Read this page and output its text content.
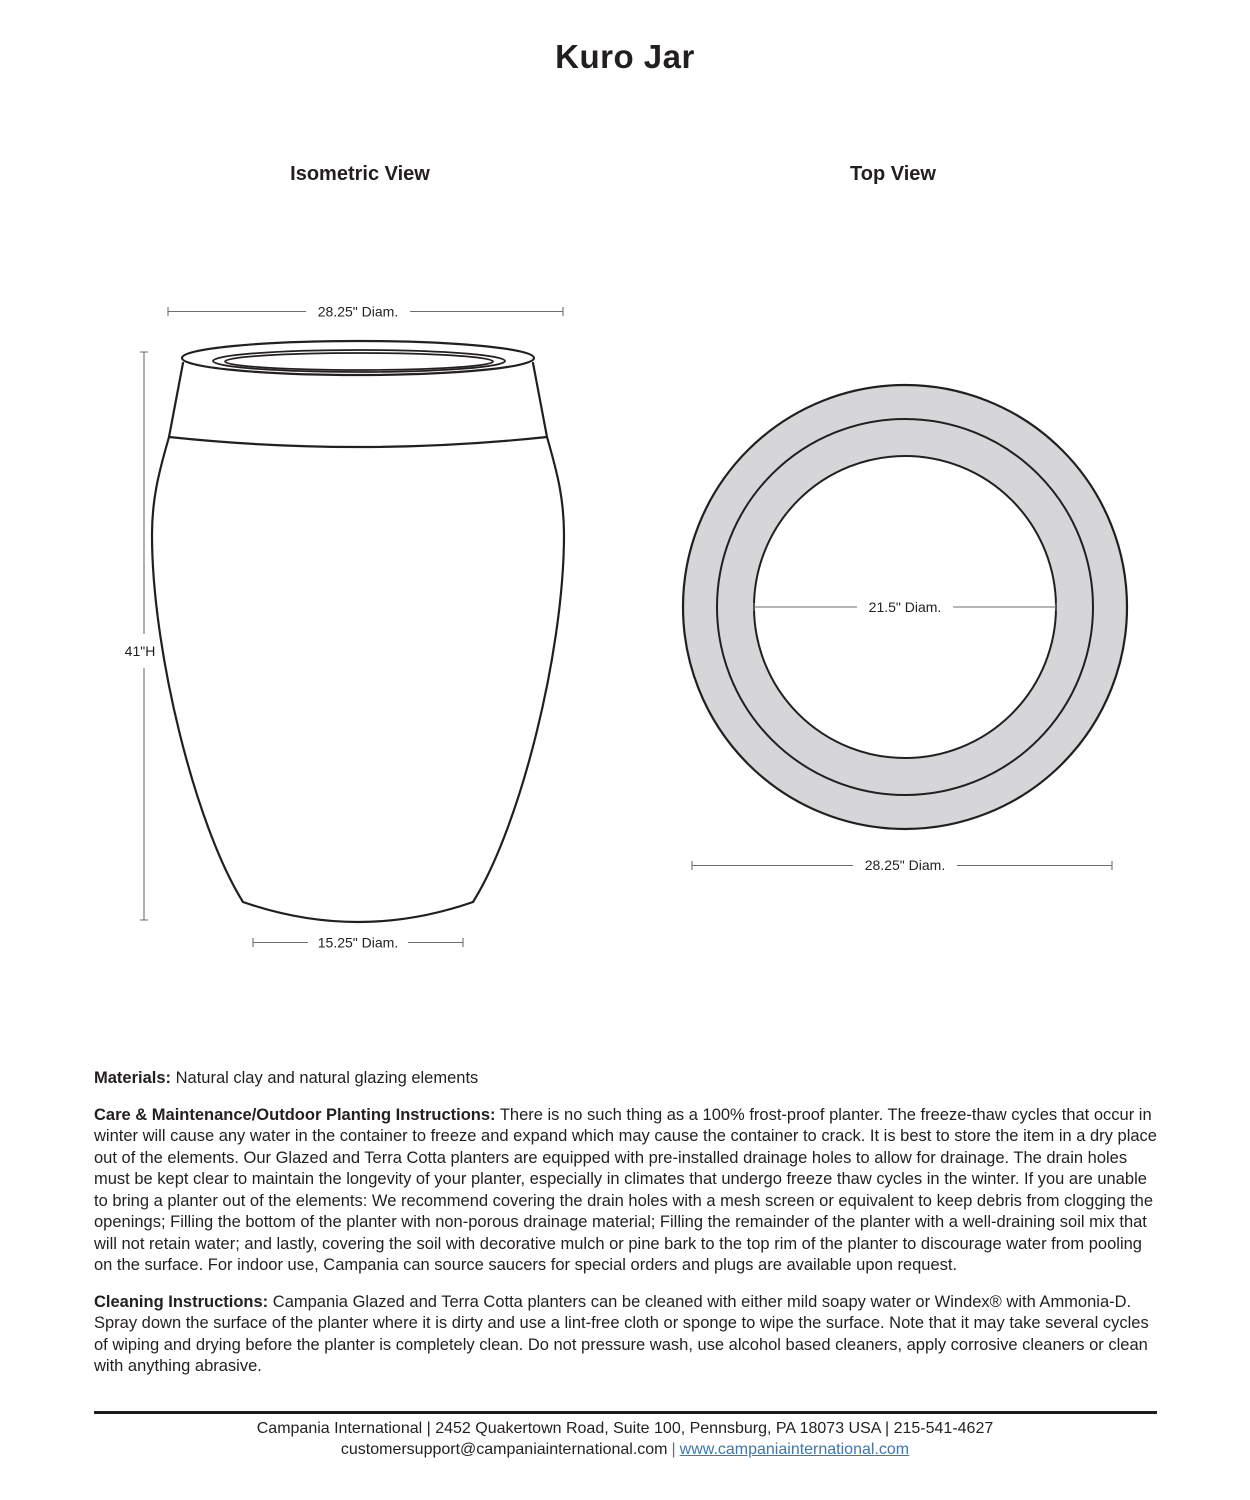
Kuro Jar
Isometric View	Top View
28.25" Diam.
41"H
15.25" Diam.
21.5" Diam.
28.25" Diam.

Materials: Natural clay and natural glazing elements

Care & Maintenance/Outdoor Planting Instructions: There is no such thing as a 100% frost-proof planter. The freeze-thaw cycles that occur in winter will cause any water in the container to freeze and expand which may cause the container to crack. It is best to store the item in a dry place out of the elements. Our Glazed and Terra Cotta planters are equipped with pre-installed drainage holes to allow for drainage. The drain holes must be kept clear to maintain the longevity of your planter, especially in climates that undergo freeze thaw cycles in the winter. If you are unable to bring a planter out of the elements: We recommend covering the drain holes with a mesh screen or equivalent to keep debris from clogging the openings; Filling the bottom of the planter with non-porous drainage material; Filling the remainder of the planter with a well-draining soil mix that will not retain water; and lastly, covering the soil with decorative mulch or pine bark to the top rim of the planter to discourage water from pooling on the surface. For indoor use, Campania can source saucers for special orders and plugs are available upon request.

Cleaning Instructions: Campania Glazed and Terra Cotta planters can be cleaned with either mild soapy water or Windex® with Ammonia-D. Spray down the surface of the planter where it is dirty and use a lint-free cloth or sponge to wipe the surface. Note that it may take several cycles of wiping and drying before the planter is completely clean. Do not pressure wash, use alcohol based cleaners, apply corrosive cleaners or clean with anything abrasive.

Campania International | 2452 Quakertown Road, Suite 100, Pennsburg, PA 18073 USA | 215-541-4627
customersupport@campaniainternational.com | www.campaniainternational.com
